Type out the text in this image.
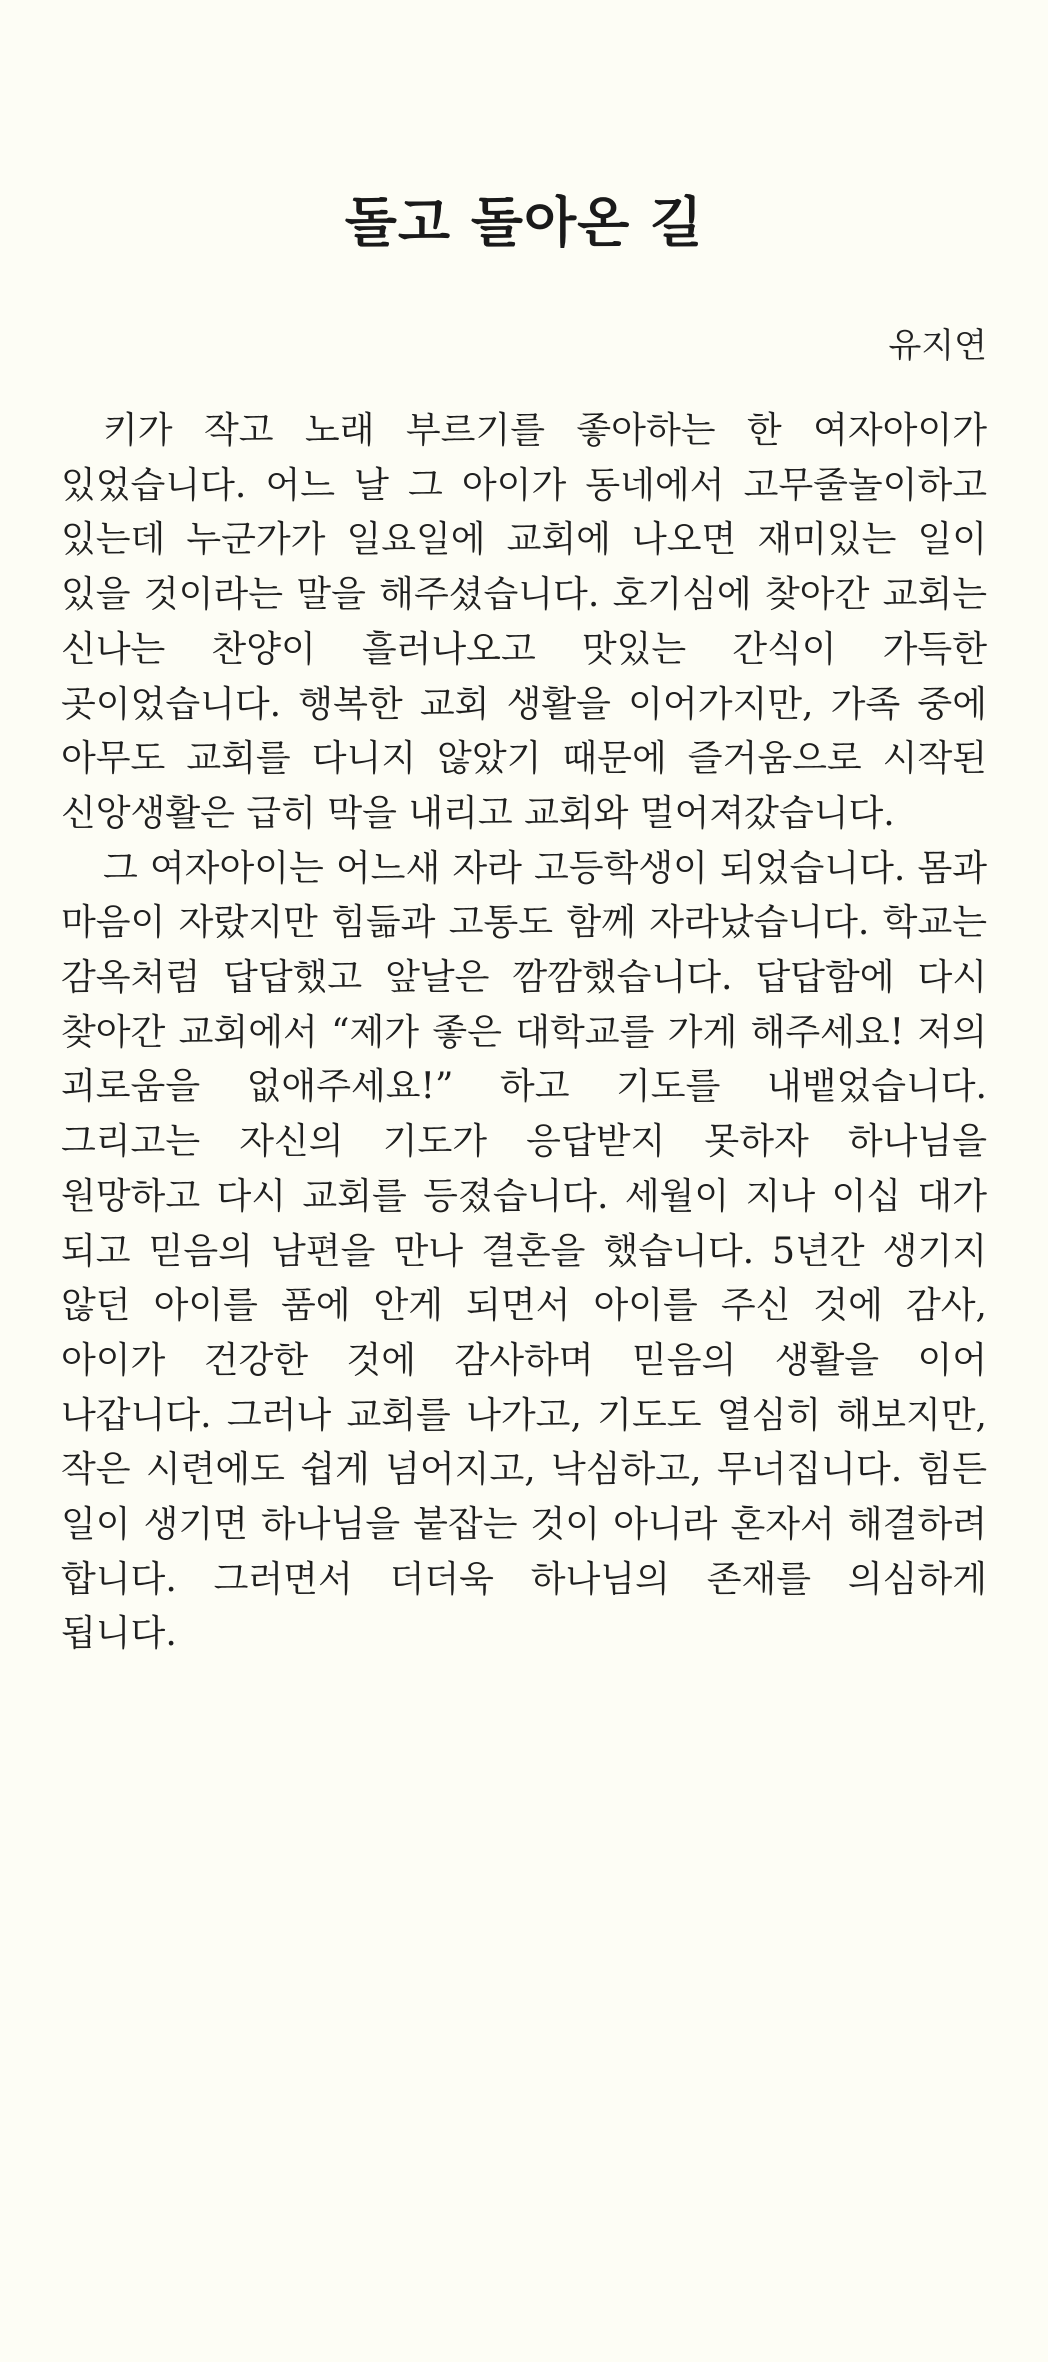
돌고 돌아온 길
유지연

키가 작고 노래 부르기를 좋아하는 한 여자아이가 있었습니다. 어느 날 그 아이가 동네에서 고무줄놀이하고 있는데 누군가가 일요일에 교회에 나오면 재미있는 일이 있을 것이라는 말을 해주셨습니다. 호기심에 찾아간 교회는 신나는 찬양이 흘러나오고 맛있는 간식이 가득한 곳이었습니다. 행복한 교회 생활을 이어가지만, 가족 중에 아무도 교회를 다니지 않았기 때문에 즐거움으로 시작된 신앙생활은 급히 막을 내리고 교회와 멀어져갔습니다.

그 여자아이는 어느새 자라 고등학생이 되었습니다. 몸과 마음이 자랐지만 힘듦과 고통도 함께 자라났습니다. 학교는 감옥처럼 답답했고 앞날은 깜깜했습니다. 답답함에 다시 찾아간 교회에서 “제가 좋은 대학교를 가게 해주세요! 저의 괴로움을 없애주세요!” 하고 기도를 내뱉었습니다. 그리고는 자신의 기도가 응답받지 못하자 하나님을 원망하고 다시 교회를 등졌습니다. 세월이 지나 이십 대가 되고 믿음의 남편을 만나 결혼을 했습니다. 5년간 생기지 않던 아이를 품에 안게 되면서 아이를 주신 것에 감사, 아이가 건강한 것에 감사하며 믿음의 생활을 이어 나갑니다. 그러나 교회를 나가고, 기도도 열심히 해보지만, 작은 시련에도 쉽게 넘어지고, 낙심하고, 무너집니다. 힘든 일이 생기면 하나님을 붙잡는 것이 아니라 혼자서 해결하려 합니다. 그러면서 더더욱 하나님의 존재를 의심하게 됩니다.
